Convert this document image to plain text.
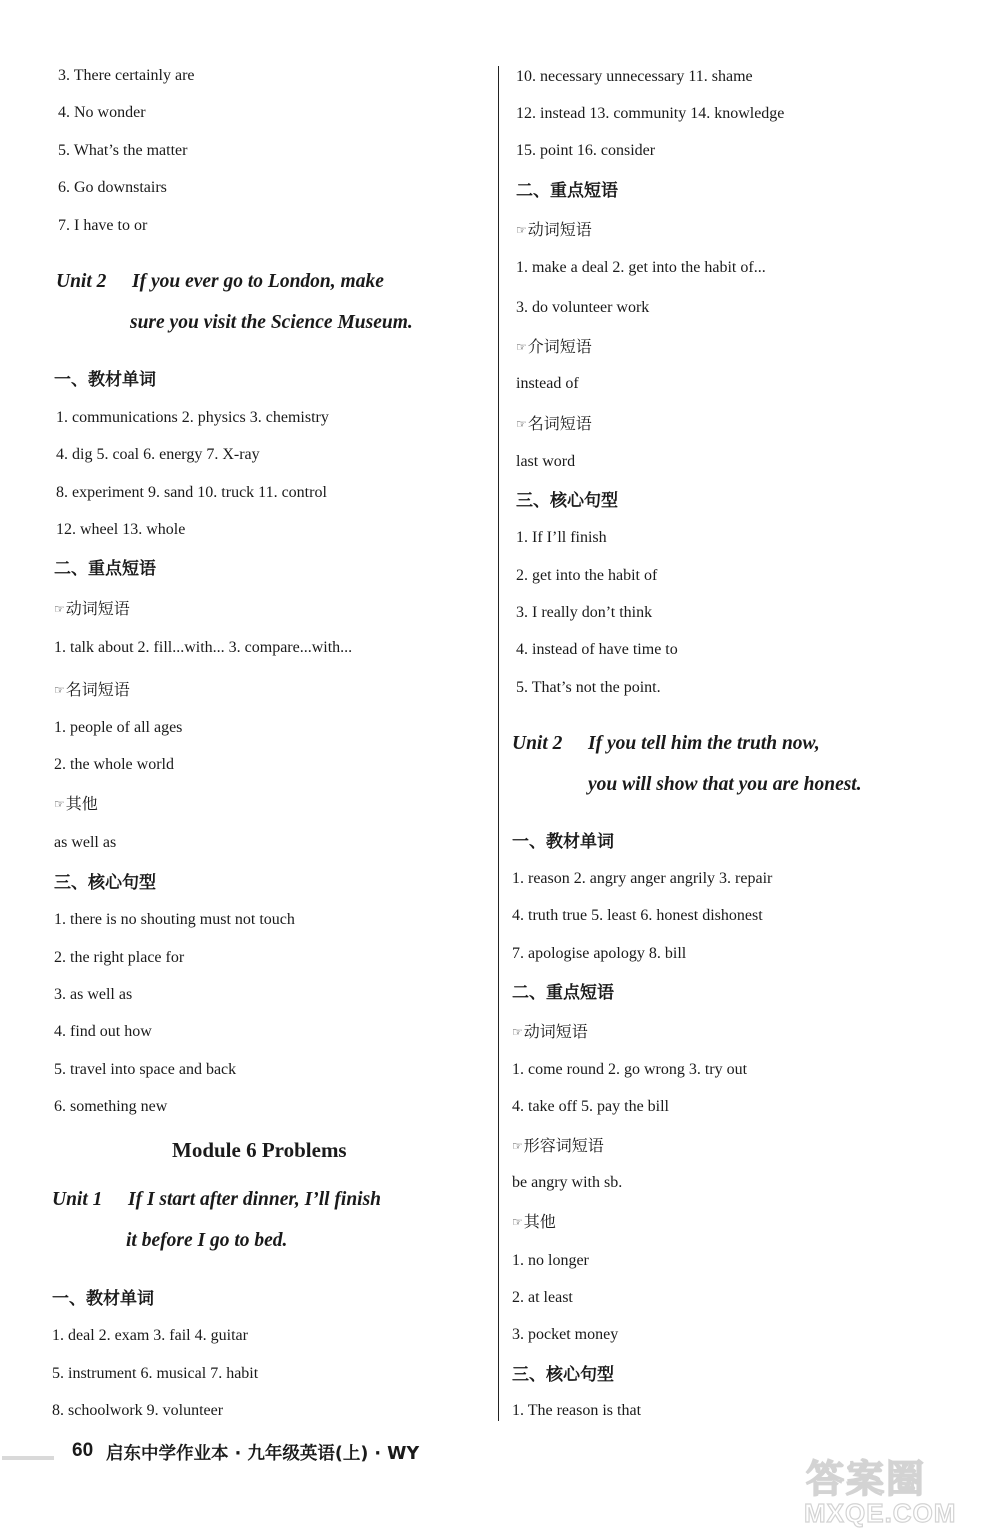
3. There certainly are
4. No wonder
5. What’s the matter
6. Go downstairs
7. I have to or
Unit 2 If you ever go to London, make
sure you visit the Science Museum.
一、教材单词
1. communications 2. physics 3. chemistry
4. dig 5. coal 6. energy 7. X-ray
8. experiment 9. sand 10. truck 11. control
12. wheel 13. whole
二、重点短语
☞动词短语
1. talk about 2. fill...with... 3. compare...with...
☞名词短语
1. people of all ages
2. the whole world
☞其他
as well as
三、核心句型
1. there is no shouting must not touch
2. the right place for
3. as well as
4. find out how
5. travel into space and back
6. something new
Module 6 Problems
Unit 1 If I start after dinner, I’ll finish
it before I go to bed.
一、教材单词
1. deal 2. exam 3. fail 4. guitar
5. instrument 6. musical 7. habit
8. schoolwork 9. volunteer
10. necessary unnecessary 11. shame
12. instead 13. community 14. knowledge
15. point 16. consider
二、重点短语
☞动词短语
1. make a deal 2. get into the habit of...
3. do volunteer work
☞介词短语
instead of
☞名词短语
last word
三、核心句型
1. If I’ll finish
2. get into the habit of
3. I really don’t think
4. instead of have time to
5. That’s not the point.
Unit 2 If you tell him the truth now,
you will show that you are honest.
一、教材单词
1. reason 2. angry anger angrily 3. repair
4. truth true 5. least 6. honest dishonest
7. apologise apology 8. bill
二、重点短语
☞动词短语
1. come round 2. go wrong 3. try out
4. take off 5. pay the bill
☞形容词短语
be angry with sb.
☞其他
1. no longer
2. at least
3. pocket money
三、核心句型
1. The reason is that
60 启东中学作业本 · 九年级英语(上) · WY
答案圈
MXQE.COM
